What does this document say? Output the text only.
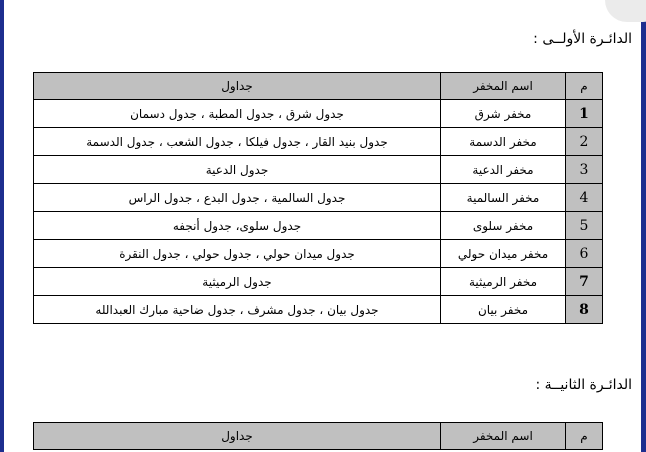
الدائـرة الأولــى :
م	اسم المخفر	جداول
1	مخفر شرق	جدول شرق ، جدول المطبة ، جدول دسمان
2	مخفر الدسمة	جدول بنيد القار ، جدول فيلكا ، جدول الشعب ، جدول الدسمة
3	مخفر الدعية	جدول الدعية
4	مخفر السالمية	جدول السالمية ، جدول البدع ، جدول الراس
5	مخفر سلوى	جدول سلوى، جدول أنجفه
6	مخفر ميدان حولي	جدول ميدان حولي ، جدول حولي ، جدول النقرة
7	مخفر الرميثية	جدول الرميثية
8	مخفر بيان	جدول بيان ، جدول مشرف ، جدول ضاحية مبارك العبدالله
الدائـرة الثانيــة :
م	اسم المخفر	جداول
